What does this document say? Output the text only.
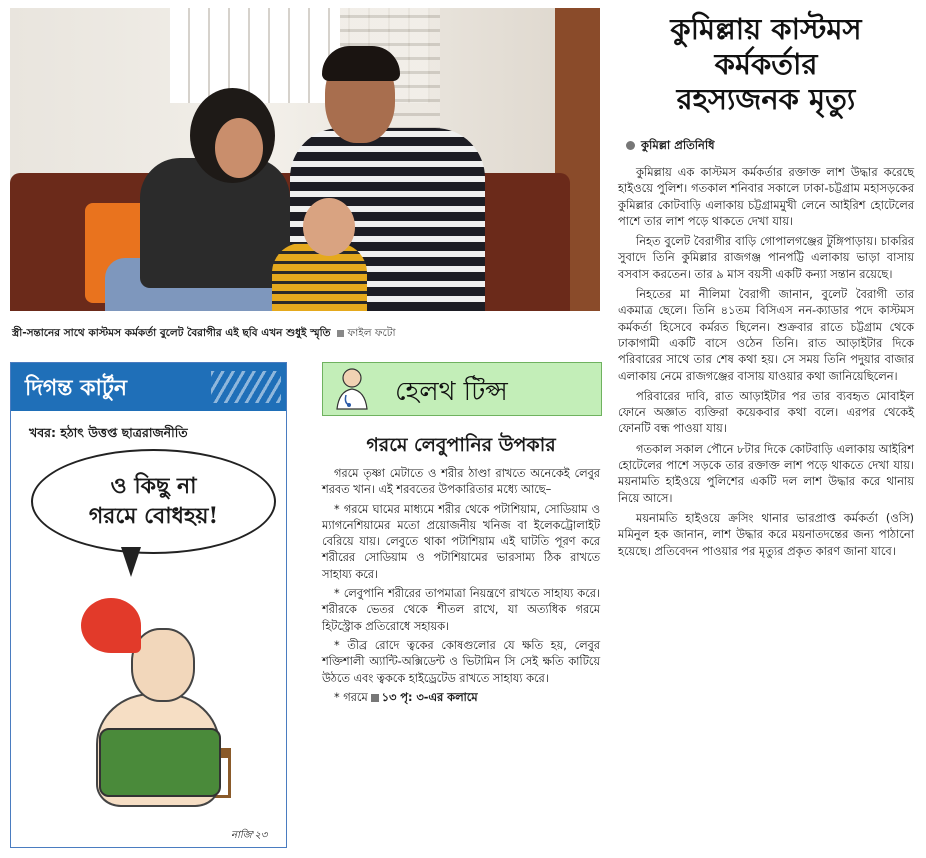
স্ত্রী-সন্তানের সাথে কাস্টমস কর্মকর্তা বুলেট বৈরাগীর এই ছবি এখন শুধুই স্মৃতি ফাইল ফটো
কুমিল্লায় কাস্টমস
কর্মকর্তার
রহস্যজনক মৃত্যু
কুমিল্লা প্রতিনিধি

কুমিল্লায় এক কাস্টমস কর্মকর্তার রক্তাক্ত লাশ উদ্ধার করেছে হাইওয়ে পুলিশ। গতকাল শনিবার সকালে ঢাকা-চট্টগ্রাম মহাসড়কের কুমিল্লার কোটবাড়ি এলাকায় চট্টগ্রামমুখী লেনে আইরিশ হোটেলের পাশে তার লাশ পড়ে থাকতে দেখা যায়।

নিহত বুলেট বৈরাগীর বাড়ি গোপালগঞ্জের টুঙ্গিপাড়ায়। চাকরির সুবাদে তিনি কুমিল্লার রাজগঞ্জ পানপট্টি এলাকায় ভাড়া বাসায় বসবাস করতেন। তার ৯ মাস বয়সী একটি কন্যা সন্তান রয়েছে।

নিহতের মা নীলিমা বৈরাগী জানান, বুলেট বৈরাগী তার একমাত্র ছেলে। তিনি ৪১তম বিসিএস নন-ক্যাডার পদে কাস্টমস কর্মকর্তা হিসেবে কর্মরত ছিলেন। শুক্রবার রাতে চট্টগ্রাম থেকে ঢাকাগামী একটি বাসে ওঠেন তিনি। রাত আড়াইটার দিকে পরিবারের সাথে তার শেষ কথা হয়। সে সময় তিনি পদুয়ার বাজার এলাকায় নেমে রাজগঞ্জের বাসায় যাওয়ার কথা জানিয়েছিলেন।

পরিবারের দাবি, রাত আড়াইটার পর তার ব্যবহৃত মোবাইল ফোনে অজ্ঞাত ব্যক্তিরা কয়েকবার কথা বলে। এরপর থেকেই ফোনটি বন্ধ পাওয়া যায়।

গতকাল সকাল পৌনে ৮টার দিকে কোটবাড়ি এলাকায় আইরিশ হোটেলের পাশে সড়কে তার রক্তাক্ত লাশ পড়ে থাকতে দেখা যায়। ময়নামতি হাইওয়ে পুলিশের একটি দল লাশ উদ্ধার করে থানায় নিয়ে আসে।

ময়নামতি হাইওয়ে ক্রসিং থানার ভারপ্রাপ্ত কর্মকর্তা (ওসি) মমিনুল হক জানান, লাশ উদ্ধার করে ময়নাতদন্তের জন্য পাঠানো হয়েছে। প্রতিবেদন পাওয়ার পর মৃত্যুর প্রকৃত কারণ জানা যাবে।

দিগন্ত কার্টুন
খবর: হঠাৎ উত্তপ্ত ছাত্ররাজনীতি
ও কিছু না
গরমে বোধহয়!
নাজি'২৩
হেলথ টিপ্স
গরমে লেবুপানির উপকার

গরমে তৃষ্ণা মেটাতে ও শরীর ঠাণ্ডা রাখতে অনেকেই লেবুর শরবত খান। এই শরবতের উপকারিতার মধ্যে আছে–

* গরমে ঘামের মাধ্যমে শরীর থেকে পটাশিয়াম, সোডিয়াম ও ম্যাগনেশিয়ামের মতো প্রয়োজনীয় খনিজ বা ইলেকট্রোলাইট বেরিয়ে যায়। লেবুতে থাকা পটাশিয়াম এই ঘাটতি পূরণ করে শরীরের সোডিয়াম ও পটাশিয়ামের ভারসাম্য ঠিক রাখতে সাহায্য করে।

* লেবুপানি শরীরের তাপমাত্রা নিয়ন্ত্রণে রাখতে সাহায্য করে। শরীরকে ভেতর থেকে শীতল রাখে, যা অত্যধিক গরমে হিটস্ট্রোক প্রতিরোধে সহায়ক।

* তীব্র রোদে ত্বকের কোষগুলোর যে ক্ষতি হয়, লেবুর শক্তিশালী অ্যান্টি-অক্সিডেন্ট ও ভিটামিন সি সেই ক্ষতি কাটিয়ে উঠতে এবং ত্বককে হাইড্রেটেড রাখতে সাহায্য করে।

* গরমে ১৩ পৃ: ৩-এর কলামে
